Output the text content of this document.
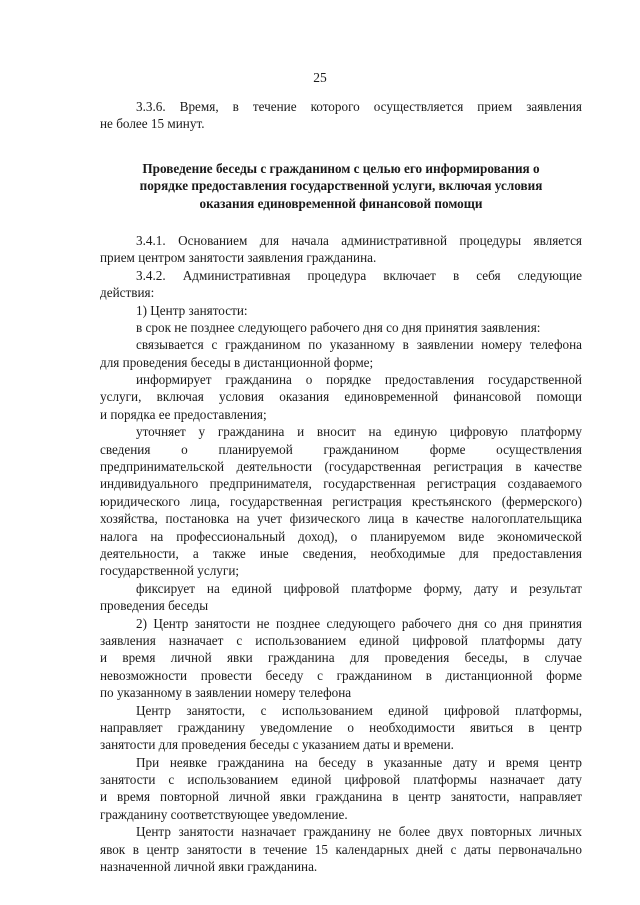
25
3.3.6. Время, в течение которого осуществляется прием заявления
не более 15 минут.
Проведение беседы с гражданином с целью его информирования о
порядке предоставления государственной услуги, включая условия
оказания единовременной финансовой помощи
3.4.1. Основанием для начала административной процедуры является
прием центром занятости заявления гражданина.
3.4.2. Административная процедура включает в себя следующие
действия:
1) Центр занятости:
в срок не позднее следующего рабочего дня со дня принятия заявления:
связывается с гражданином по указанному в заявлении номеру телефона
для проведения беседы в дистанционной форме;
информирует гражданина о порядке предоставления государственной
услуги, включая условия оказания единовременной финансовой помощи
и порядка ее предоставления;
уточняет у гражданина и вносит на единую цифровую платформу
сведения о планируемой гражданином форме осуществления
предпринимательской деятельности (государственная регистрация в качестве
индивидуального предпринимателя, государственная регистрация создаваемого
юридического лица, государственная регистрация крестьянского (фермерского)
хозяйства, постановка на учет физического лица в качестве налогоплательщика
налога на профессиональный доход), о планируемом виде экономической
деятельности, а также иные сведения, необходимые для предоставления
государственной услуги;
фиксирует на единой цифровой платформе форму, дату и результат
проведения беседы
2) Центр занятости не позднее следующего рабочего дня со дня принятия
заявления назначает с использованием единой цифровой платформы дату
и время личной явки гражданина для проведения беседы, в случае
невозможности провести беседу с гражданином в дистанционной форме
по указанному в заявлении номеру телефона
Центр занятости, с использованием единой цифровой платформы,
направляет гражданину уведомление о необходимости явиться в центр
занятости для проведения беседы с указанием даты и времени.
При неявке гражданина на беседу в указанные дату и время центр
занятости с использованием единой цифровой платформы назначает дату
и время повторной личной явки гражданина в центр занятости, направляет
гражданину соответствующее уведомление.
Центр занятости назначает гражданину не более двух повторных личных
явок в центр занятости в течение 15 календарных дней с даты первоначально
назначенной личной явки гражданина.
